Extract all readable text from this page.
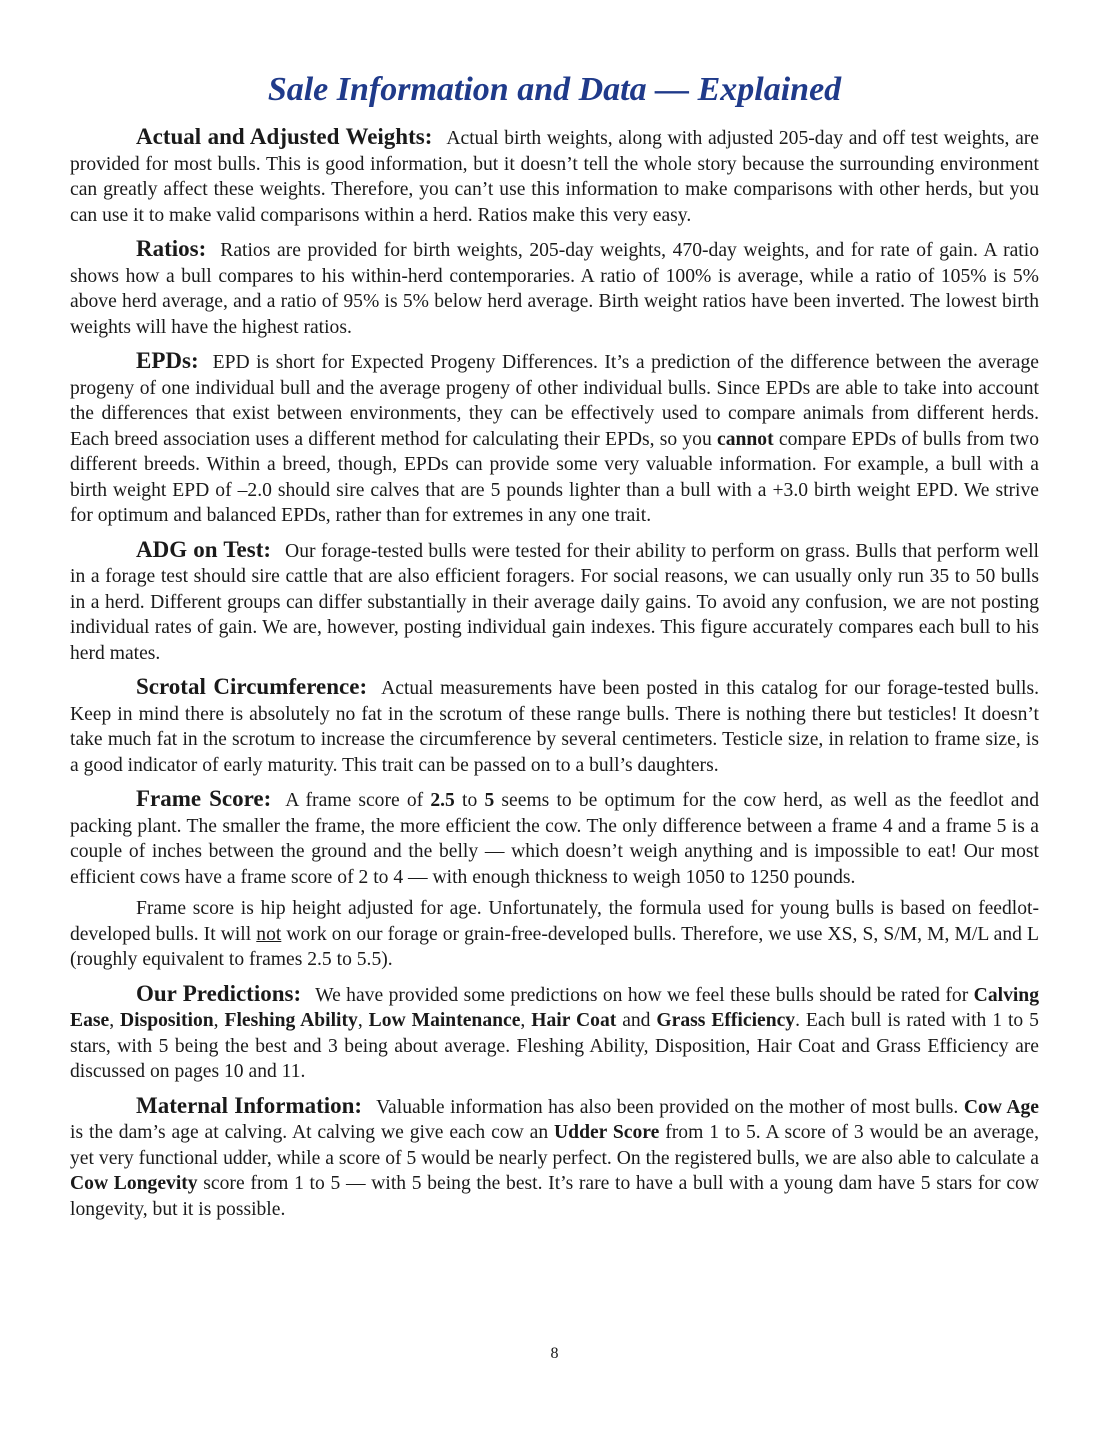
Sale Information and Data — Explained

Actual and Adjusted Weights: Actual birth weights, along with adjusted 205-day and off test weights, are provided for most bulls. This is good information, but it doesn’t tell the whole story because the surrounding environment can greatly affect these weights. Therefore, you can’t use this information to make comparisons with other herds, but you can use it to make valid comparisons within a herd. Ratios make this very easy.

Ratios: Ratios are provided for birth weights, 205-day weights, 470-day weights, and for rate of gain. A ratio shows how a bull compares to his within-herd contemporaries. A ratio of 100% is average, while a ratio of 105% is 5% above herd average, and a ratio of 95% is 5% below herd average. Birth weight ratios have been inverted. The lowest birth weights will have the highest ratios.

EPDs: EPD is short for Expected Progeny Differences. It’s a prediction of the difference between the average progeny of one individual bull and the average progeny of other individual bulls. Since EPDs are able to take into account the differences that exist between environments, they can be effectively used to compare animals from different herds. Each breed association uses a different method for calculating their EPDs, so you cannot compare EPDs of bulls from two different breeds. Within a breed, though, EPDs can provide some very valuable information. For example, a bull with a birth weight EPD of –2.0 should sire calves that are 5 pounds lighter than a bull with a +3.0 birth weight EPD. We strive for optimum and balanced EPDs, rather than for extremes in any one trait.

ADG on Test: Our forage-tested bulls were tested for their ability to perform on grass. Bulls that perform well in a forage test should sire cattle that are also efficient foragers. For social reasons, we can usually only run 35 to 50 bulls in a herd. Different groups can differ substantially in their average daily gains. To avoid any confusion, we are not posting individual rates of gain. We are, however, posting individual gain indexes. This figure accurately compares each bull to his herd mates.

Scrotal Circumference: Actual measurements have been posted in this catalog for our forage-tested bulls. Keep in mind there is absolutely no fat in the scrotum of these range bulls. There is nothing there but testicles! It doesn’t take much fat in the scrotum to increase the circumference by several centimeters. Testicle size, in relation to frame size, is a good indicator of early maturity. This trait can be passed on to a bull’s daughters.

Frame Score: A frame score of 2.5 to 5 seems to be optimum for the cow herd, as well as the feedlot and packing plant. The smaller the frame, the more efficient the cow. The only difference between a frame 4 and a frame 5 is a couple of inches between the ground and the belly — which doesn’t weigh anything and is impossible to eat! Our most efficient cows have a frame score of 2 to 4 — with enough thickness to weigh 1050 to 1250 pounds.

Frame score is hip height adjusted for age. Unfortunately, the formula used for young bulls is based on feedlot-developed bulls. It will not work on our forage or grain-free-developed bulls. Therefore, we use XS, S, S/M, M, M/L and L (roughly equivalent to frames 2.5 to 5.5).

Our Predictions: We have provided some predictions on how we feel these bulls should be rated for Calving Ease, Disposition, Fleshing Ability, Low Maintenance, Hair Coat and Grass Efficiency. Each bull is rated with 1 to 5 stars, with 5 being the best and 3 being about average. Fleshing Ability, Disposition, Hair Coat and Grass Efficiency are discussed on pages 10 and 11.

Maternal Information: Valuable information has also been provided on the mother of most bulls. Cow Age is the dam’s age at calving. At calving we give each cow an Udder Score from 1 to 5. A score of 3 would be an average, yet very functional udder, while a score of 5 would be nearly perfect. On the registered bulls, we are also able to calculate a Cow Longevity score from 1 to 5 — with 5 being the best. It’s rare to have a bull with a young dam have 5 stars for cow longevity, but it is possible.

8
